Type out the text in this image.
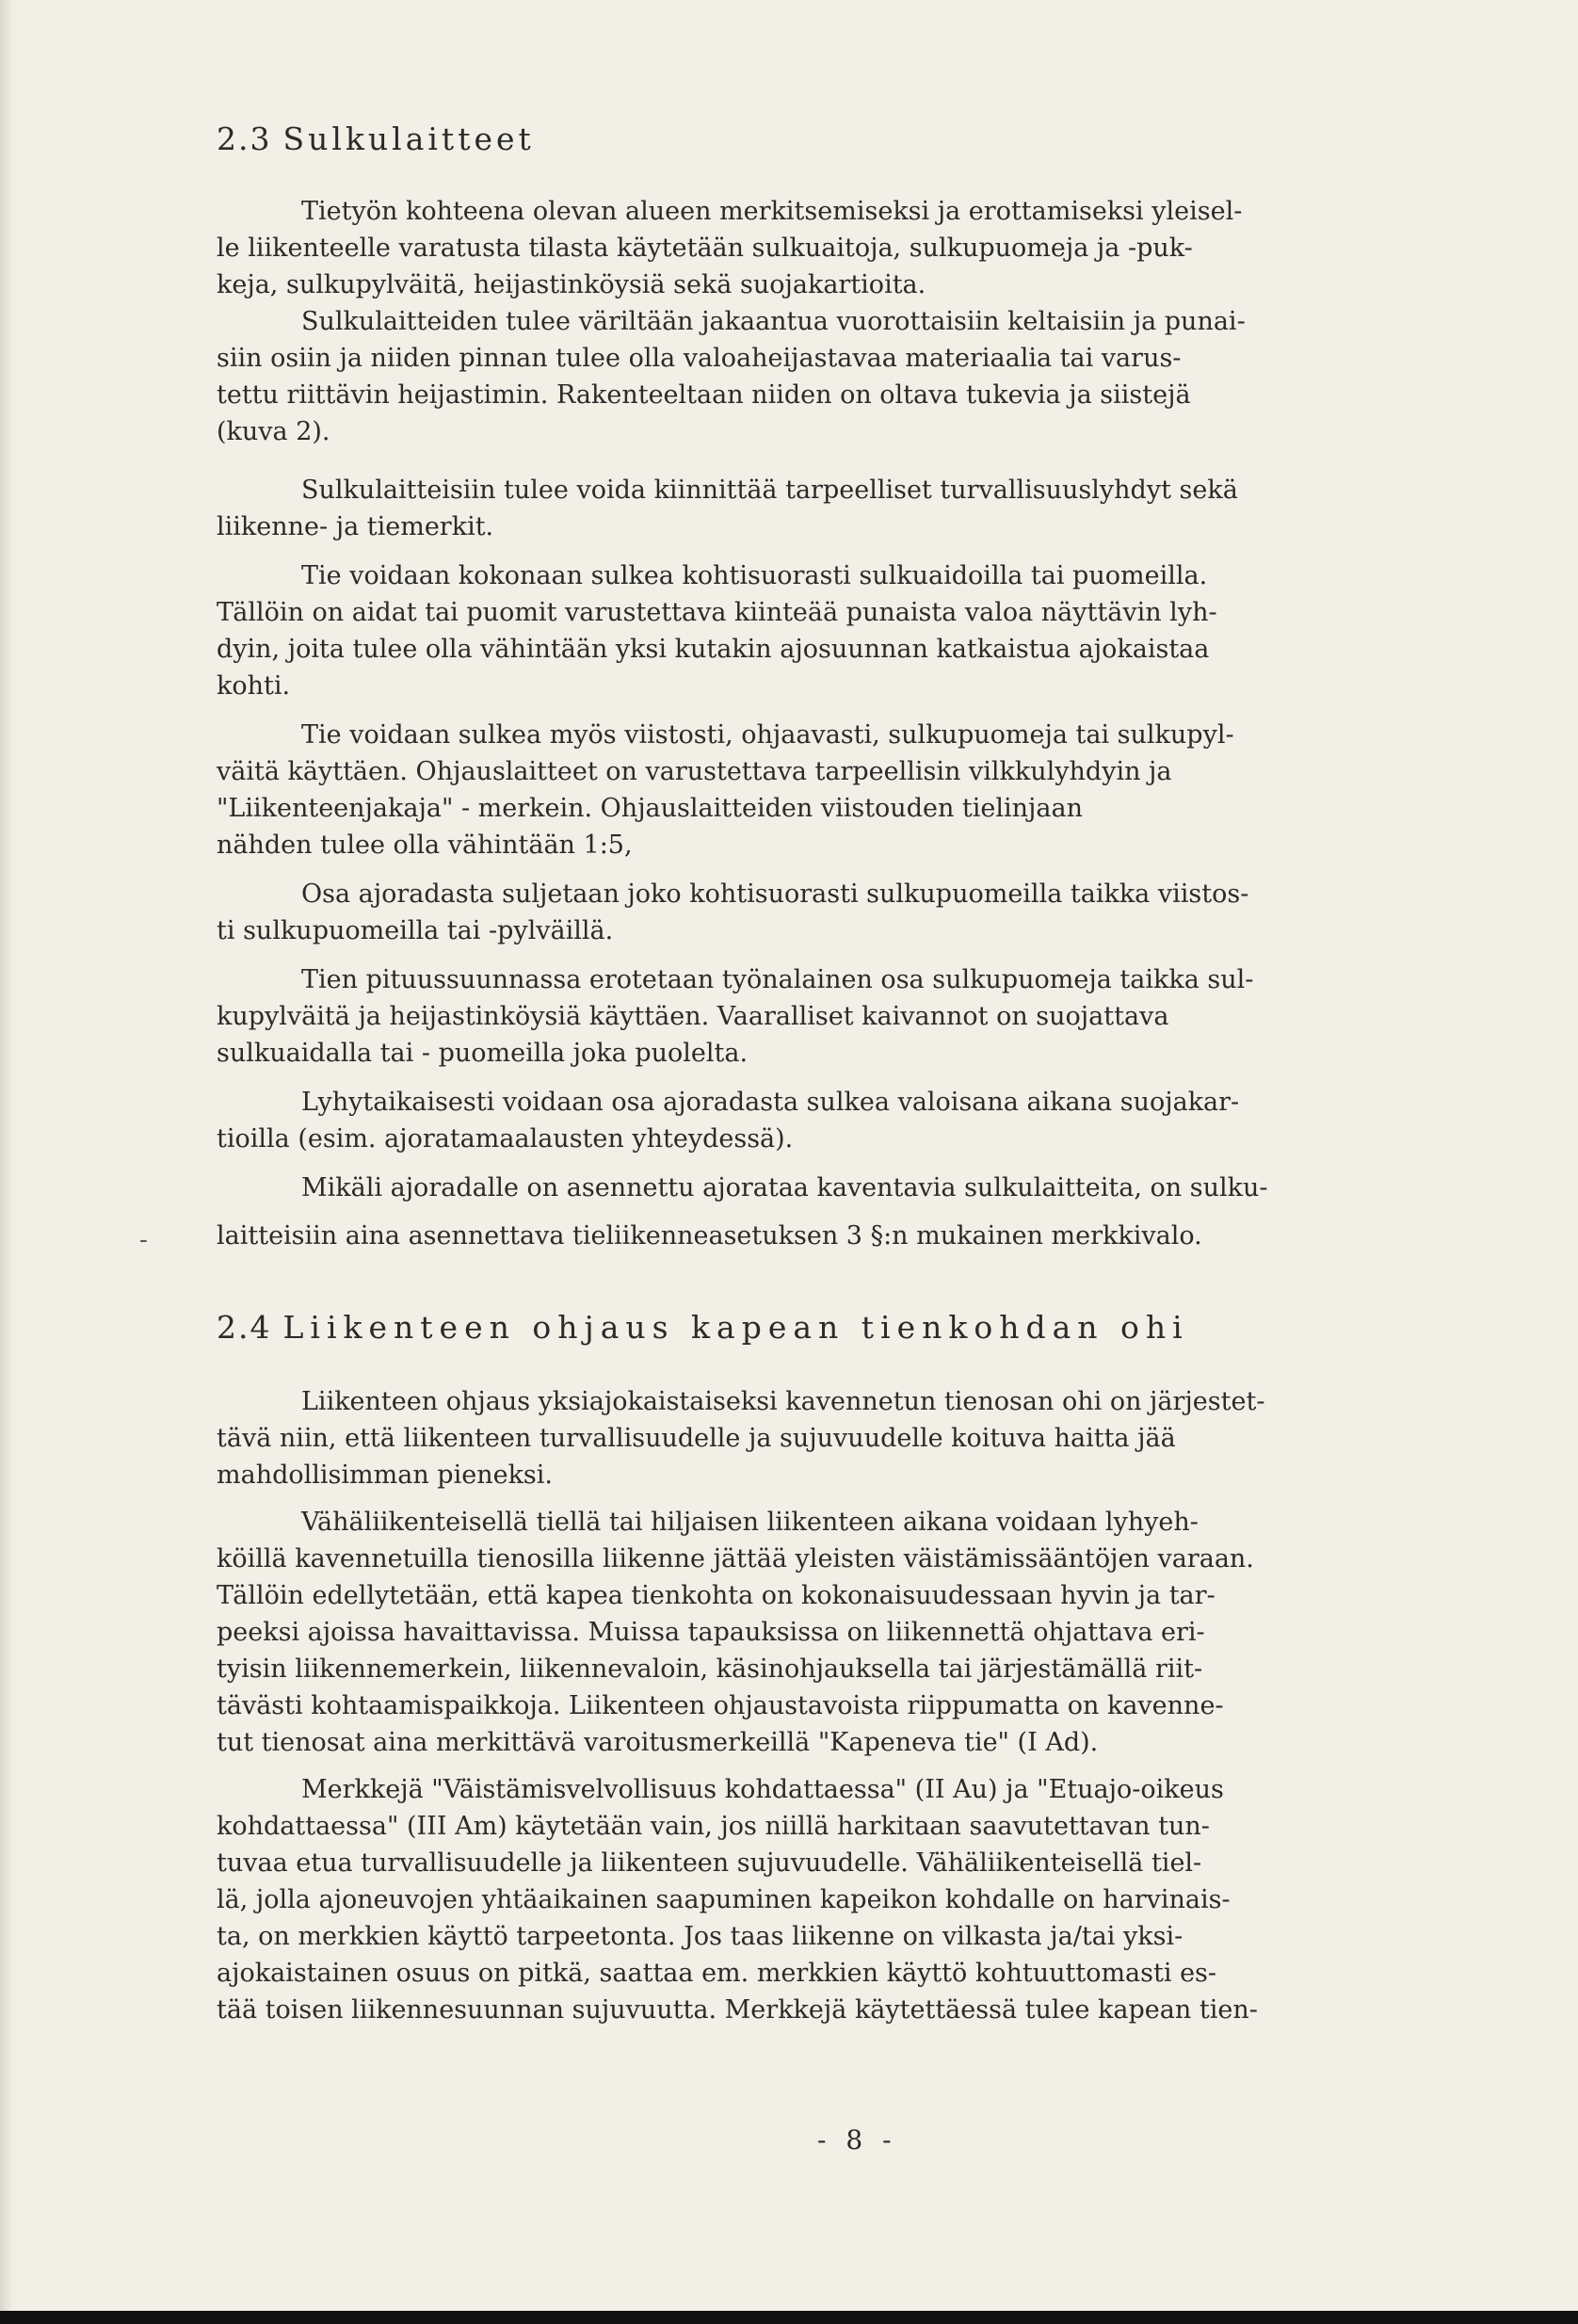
2.3 Sulkulaitteet
Tietyön kohteena olevan alueen merkitsemiseksi ja erottamiseksi yleisel-
le liikenteelle varatusta tilasta käytetään sulkuaitoja, sulkupuomeja ja -puk-
keja, sulkupylväitä, heijastinköysiä sekä suojakartioita.
Sulkulaitteiden tulee väriltään jakaantua vuorottaisiin keltaisiin ja punai-
siin osiin ja niiden pinnan tulee olla valoaheijastavaa materiaalia tai varus-
tettu riittävin heijastimin. Rakenteeltaan niiden on oltava tukevia ja siistejä
(kuva 2).
Sulkulaitteisiin tulee voida kiinnittää tarpeelliset turvallisuuslyhdyt sekä
liikenne- ja tiemerkit.
Tie voidaan kokonaan sulkea kohtisuorasti sulkuaidoilla tai puomeilla.
Tällöin on aidat tai puomit varustettava kiinteää punaista valoa näyttävin lyh-
dyin, joita tulee olla vähintään yksi kutakin ajosuunnan katkaistua ajokaistaa
kohti.
Tie voidaan sulkea myös viistosti, ohjaavasti, sulkupuomeja tai sulkupyl-
väitä käyttäen. Ohjauslaitteet on varustettava tarpeellisin vilkkulyhdyin ja
"Liikenteenjakaja" - merkein. Ohjauslaitteiden viistouden tielinjaan
nähden tulee olla vähintään 1:5,
Osa ajoradasta suljetaan joko kohtisuorasti sulkupuomeilla taikka viistos-
ti sulkupuomeilla tai -pylväillä.
Tien pituussuunnassa erotetaan työnalainen osa sulkupuomeja taikka sul-
kupylväitä ja heijastinköysiä käyttäen. Vaaralliset kaivannot on suojattava
sulkuaidalla tai - puomeilla joka puolelta.
Lyhytaikaisesti voidaan osa ajoradasta sulkea valoisana aikana suojakar-
tioilla (esim. ajoratamaalausten yhteydessä).
Mikäli ajoradalle on asennettu ajorataa kaventavia sulkulaitteita, on sulku-
laitteisiin aina asennettava tieliikenneasetuksen 3 §:n mukainen merkkivalo.
-
2.4 Liikenteen ohjaus kapean tienkohdan ohi
Liikenteen ohjaus yksiajokaistaiseksi kavennetun tienosan ohi on järjestet-
tävä niin, että liikenteen turvallisuudelle ja sujuvuudelle koituva haitta jää
mahdollisimman pieneksi.
Vähäliikenteisellä tiellä tai hiljaisen liikenteen aikana voidaan lyhyeh-
köillä kavennetuilla tienosilla liikenne jättää yleisten väistämissääntöjen varaan.
Tällöin edellytetään, että kapea tienkohta on kokonaisuudessaan hyvin ja tar-
peeksi ajoissa havaittavissa. Muissa tapauksissa on liikennettä ohjattava eri-
tyisin liikennemerkein, liikennevaloin, käsinohjauksella tai järjestämällä riit-
tävästi kohtaamispaikkoja. Liikenteen ohjaustavoista riippumatta on kavenne-
tut tienosat aina merkittävä varoitusmerkeillä "Kapeneva tie" (I Ad).
Merkkejä "Väistämisvelvollisuus kohdattaessa" (II Au) ja "Etuajo-oikeus
kohdattaessa" (III Am) käytetään vain, jos niillä harkitaan saavutettavan tun-
tuvaa etua turvallisuudelle ja liikenteen sujuvuudelle. Vähäliikenteisellä tiel-
lä, jolla ajoneuvojen yhtäaikainen saapuminen kapeikon kohdalle on harvinais-
ta, on merkkien käyttö tarpeetonta. Jos taas liikenne on vilkasta ja/tai yksi-
ajokaistainen osuus on pitkä, saattaa em. merkkien käyttö kohtuuttomasti es-
tää toisen liikennesuunnan sujuvuutta. Merkkejä käytettäessä tulee kapean tien-
- 8 -
